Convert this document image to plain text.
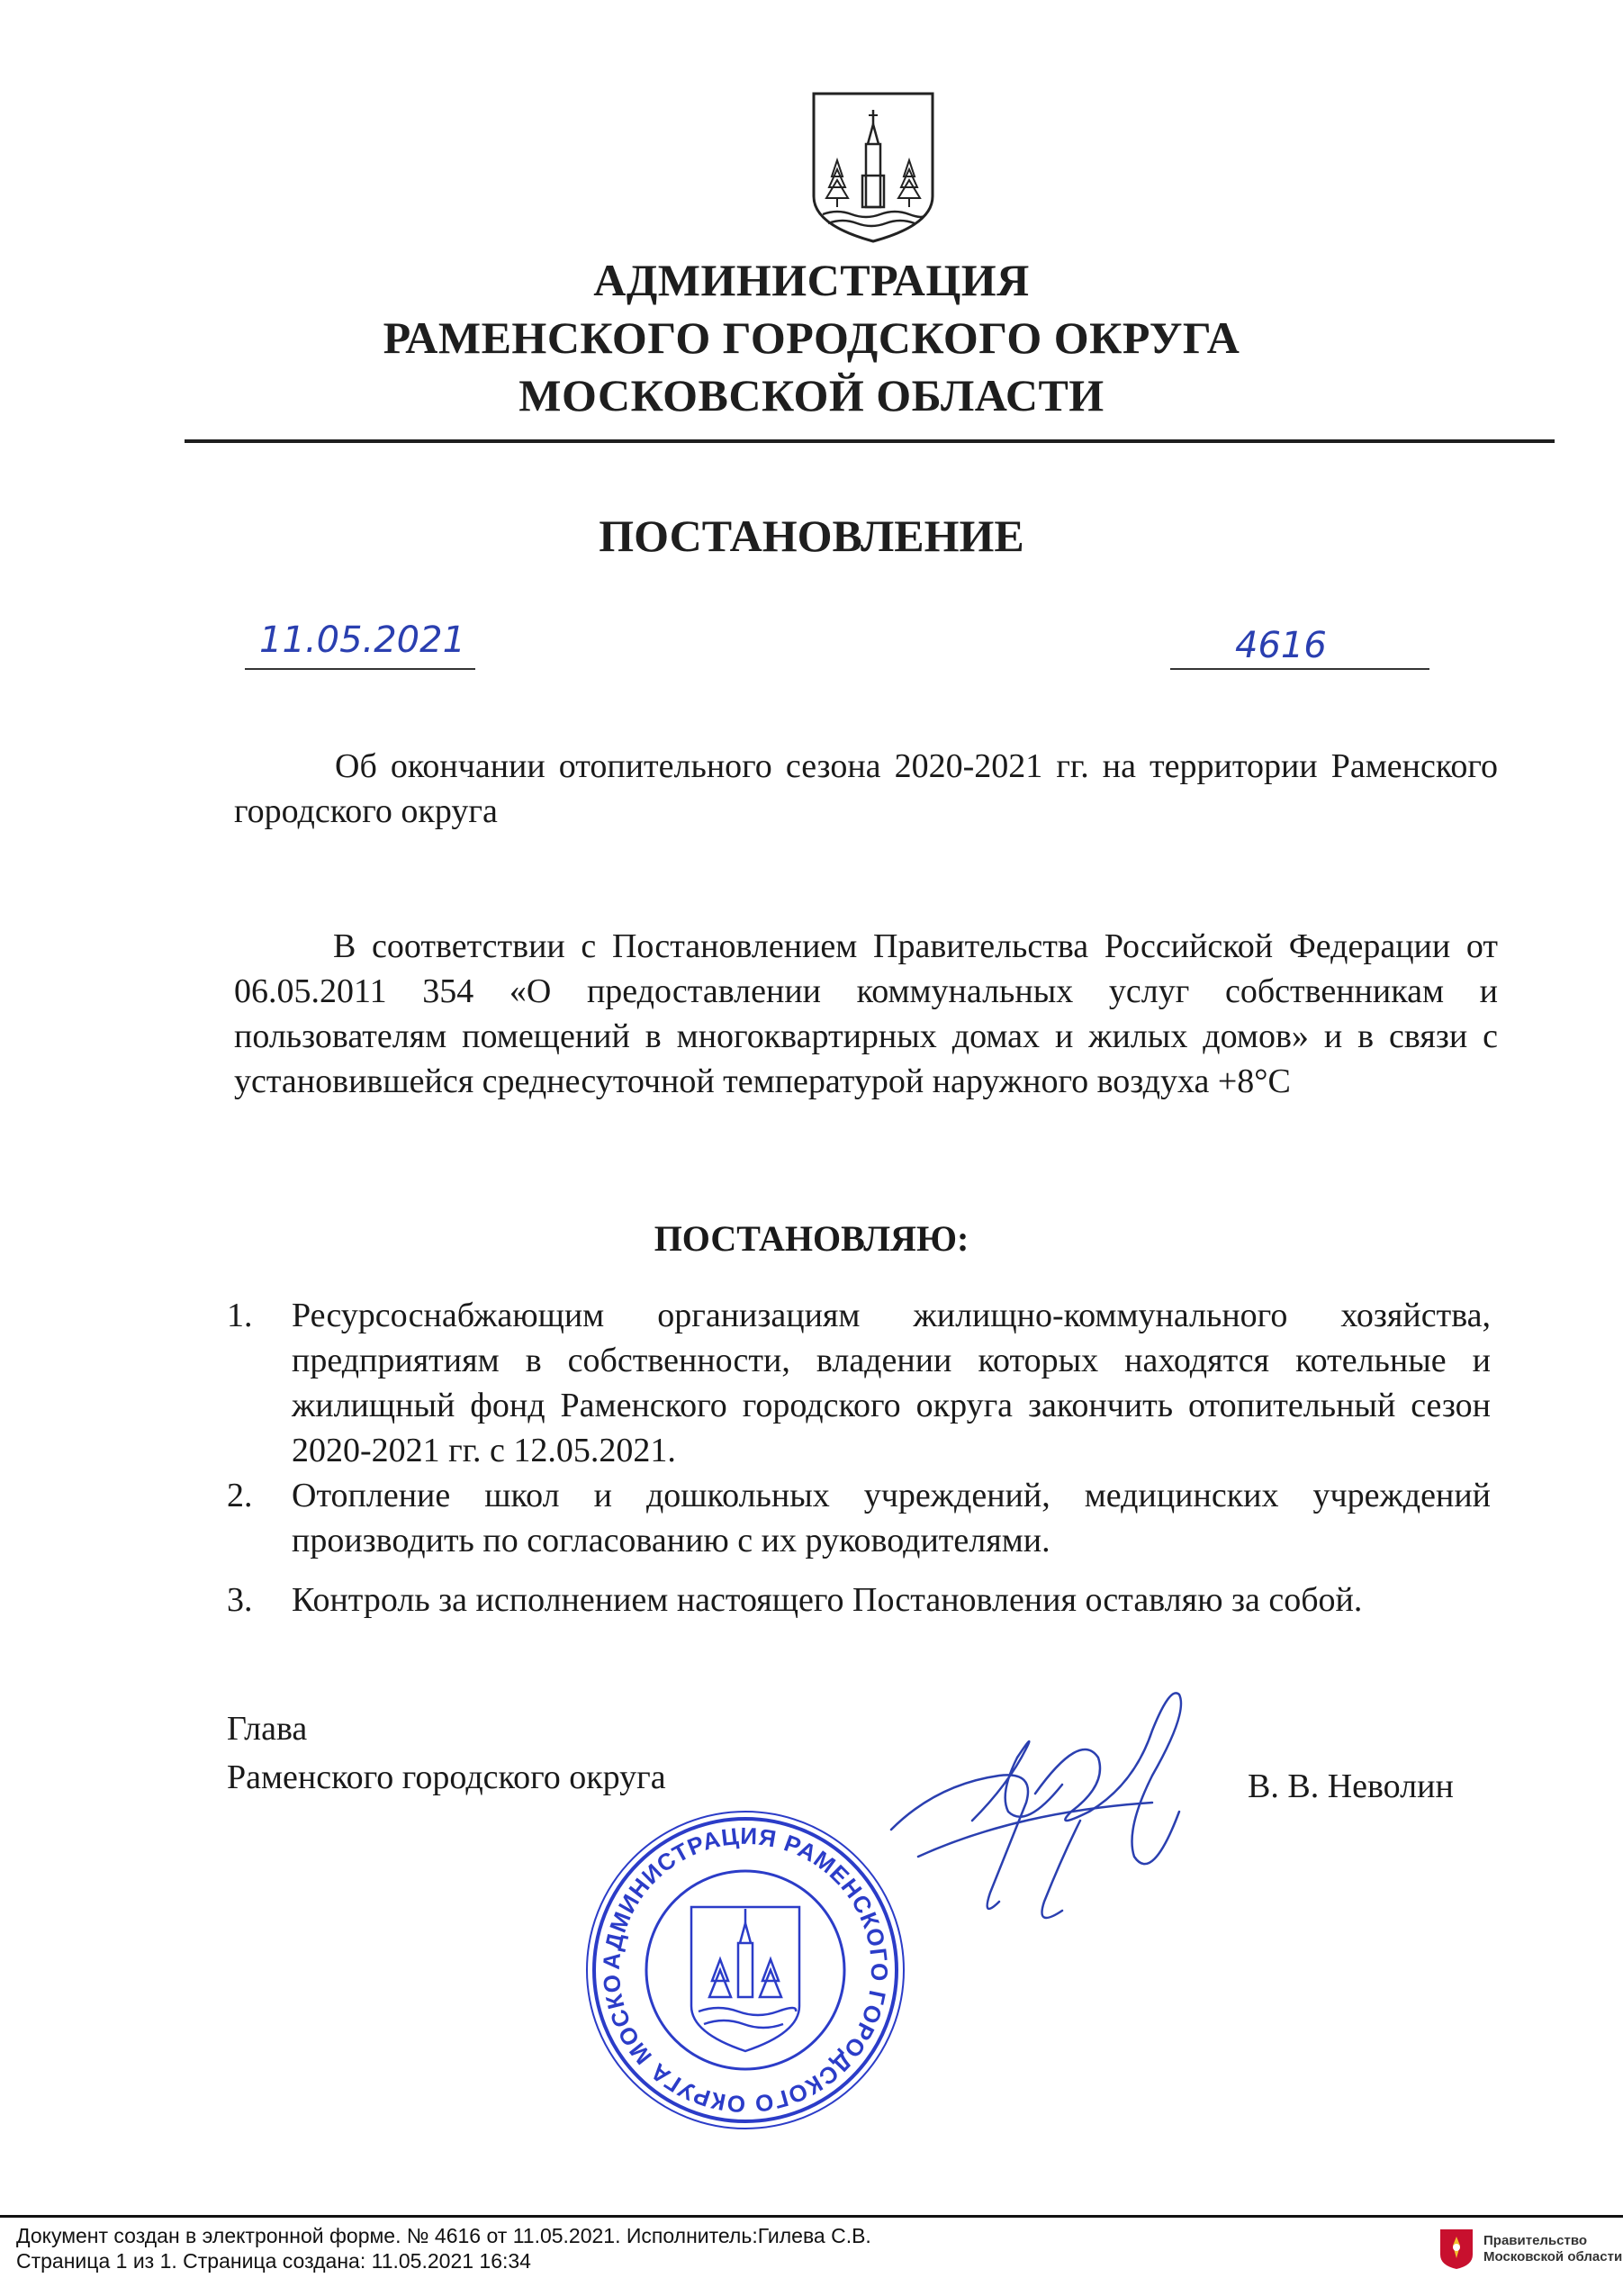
АДМИНИСТРАЦИЯ
РАМЕНСКОГО ГОРОДСКОГО ОКРУГА
МОСКОВСКОЙ ОБЛАСТИ
ПОСТАНОВЛЕНИЕ
11.05.2021	4616
Об окончании отопительного сезона 2020-2021 гг. на территории Раменского городского округа
В соответствии с Постановлением Правительства Российской Федерации от 06.05.2011 354 «О предоставлении коммунальных услуг собственникам и пользователям помещений в многоквартирных домах и жилых домов» и в связи с установившейся среднесуточной температурой наружного воздуха +8°C
ПОСТАНОВЛЯЮ:
1. Ресурсоснабжающим организациям жилищно-коммунального хозяйства, предприятиям в собственности, владении которых находятся котельные и жилищный фонд Раменского городского округа закончить отопительный сезон 2020-2021 гг. с 12.05.2021.
2. Отопление школ и дошкольных учреждений, медицинских учреждений производить по согласованию с их руководителями.
3. Контроль за исполнением настоящего Постановления оставляю за собой.
Глава
Раменского городского округа	В. В. Неволин
АДМИНИСТРАЦИЯ РАМЕНСКОГО ГОРОДСКОГО ОКРУГА МОСКО
Документ создан в электронной форме. № 4616 от 11.05.2021. Исполнитель:Гилева С.В.
Страница 1 из 1. Страница создана: 11.05.2021 16:34
Правительство
Московской области
